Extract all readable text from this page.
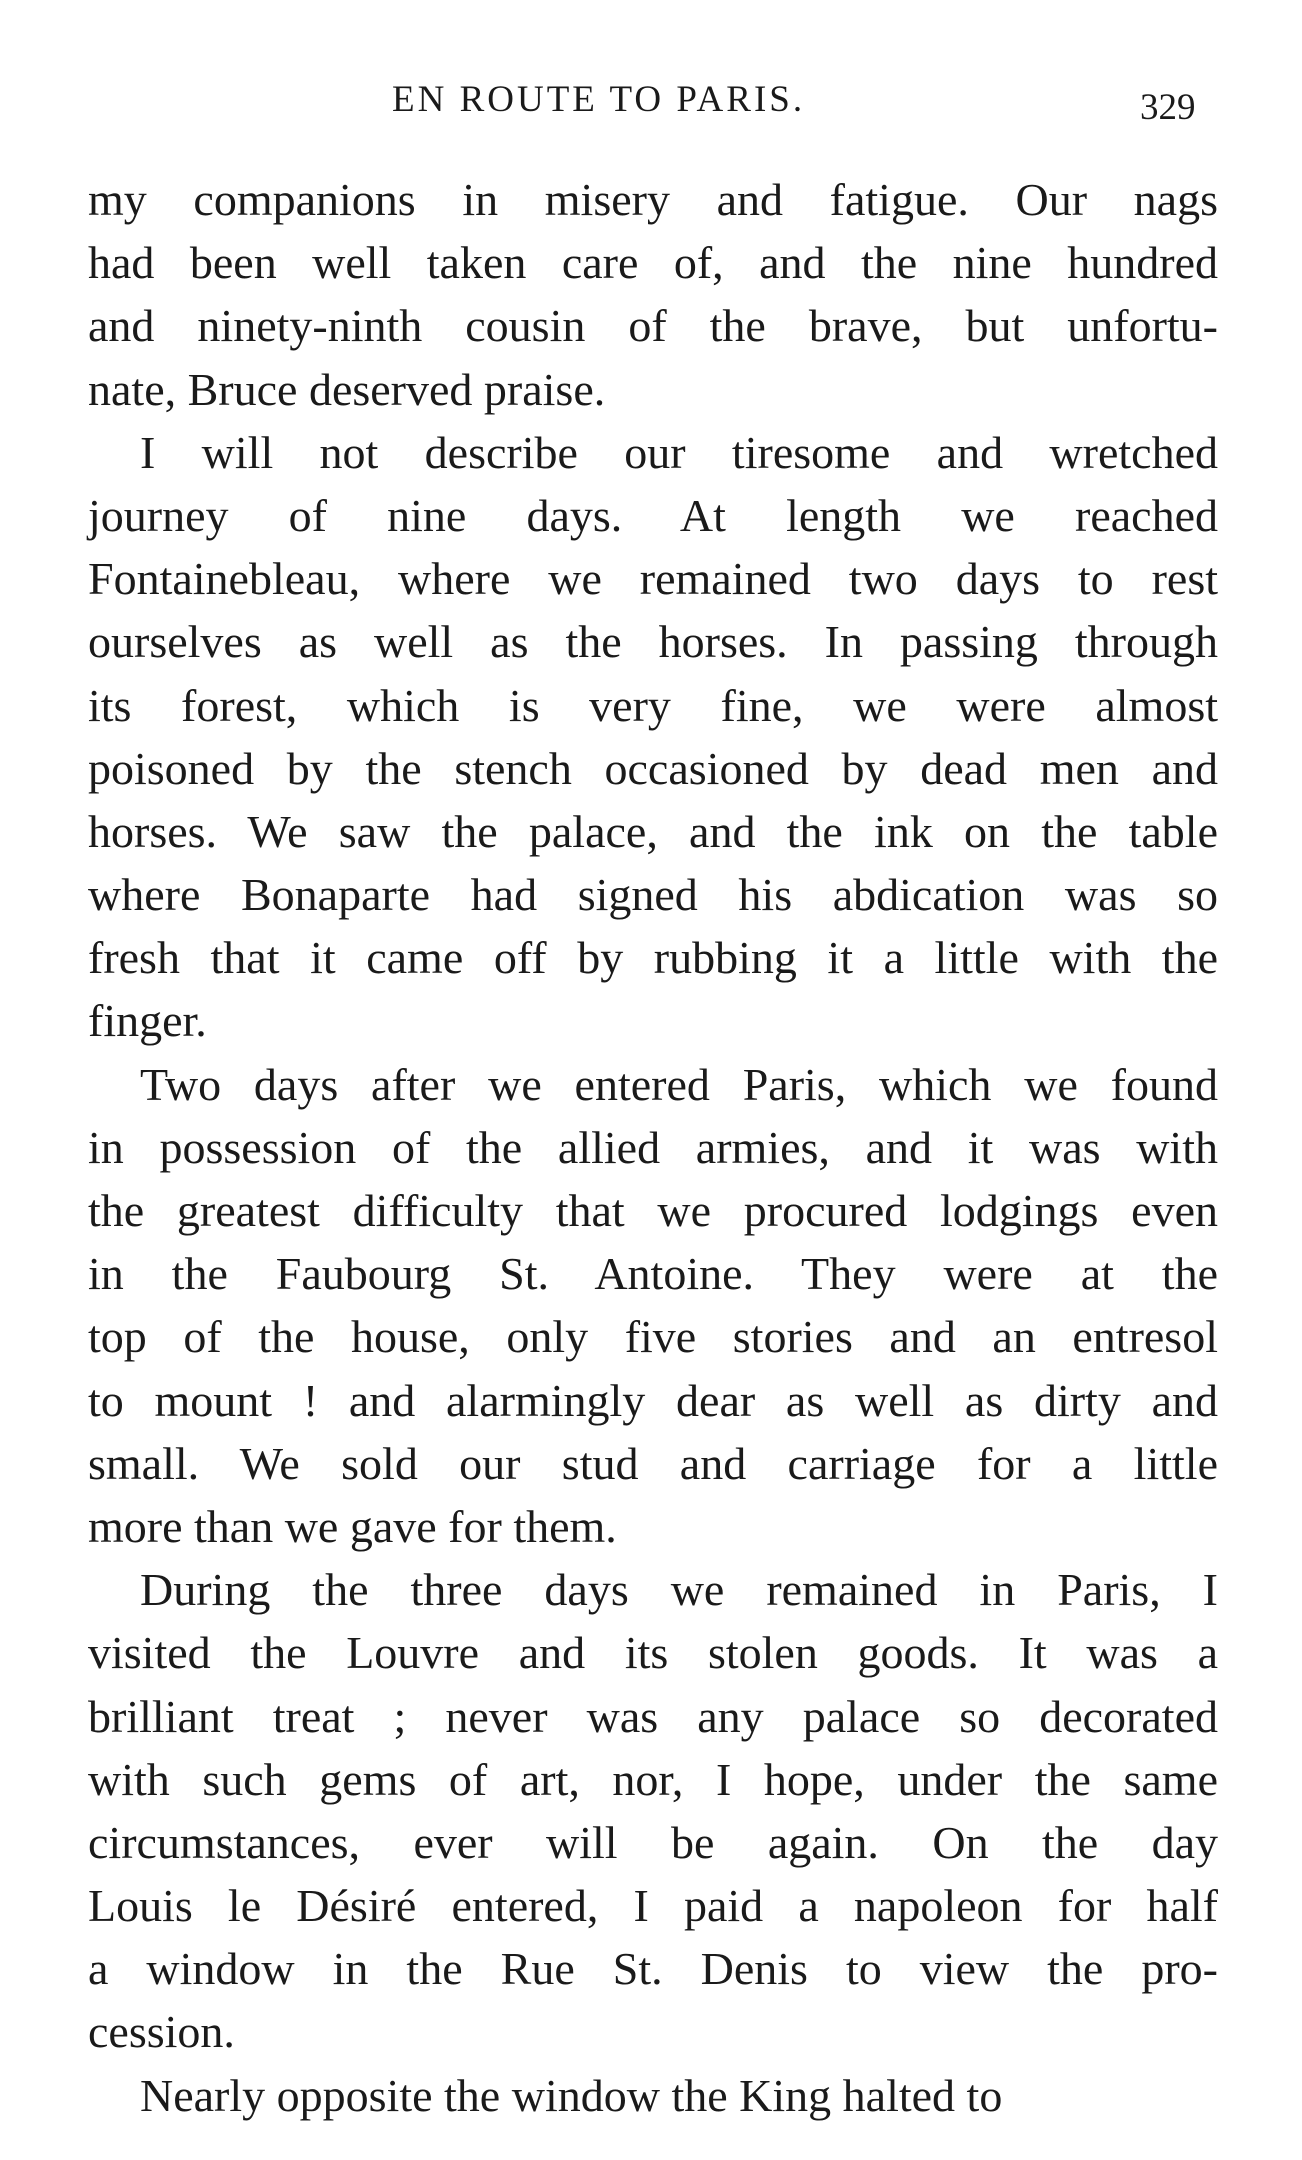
EN ROUTE TO PARIS.	329
my companions in misery and fatigue. Our nags
had been well taken care of, and the nine hundred
and ninety-ninth cousin of the brave, but unfortu-
nate, Bruce deserved praise.
I will not describe our tiresome and wretched
journey of nine days. At length we reached
Fontainebleau, where we remained two days to rest
ourselves as well as the horses. In passing through
its forest, which is very fine, we were almost
poisoned by the stench occasioned by dead men and
horses. We saw the palace, and the ink on the table
where Bonaparte had signed his abdication was so
fresh that it came off by rubbing it a little with the
finger.
Two days after we entered Paris, which we found
in possession of the allied armies, and it was with
the greatest difficulty that we procured lodgings even
in the Faubourg St. Antoine. They were at the
top of the house, only five stories and an entresol
to mount ! and alarmingly dear as well as dirty and
small. We sold our stud and carriage for a little
more than we gave for them.
During the three days we remained in Paris, I
visited the Louvre and its stolen goods. It was a
brilliant treat ; never was any palace so decorated
with such gems of art, nor, I hope, under the same
circumstances, ever will be again. On the day
Louis le Désiré entered, I paid a napoleon for half
a window in the Rue St. Denis to view the pro-
cession.
Nearly opposite the window the King halted to
